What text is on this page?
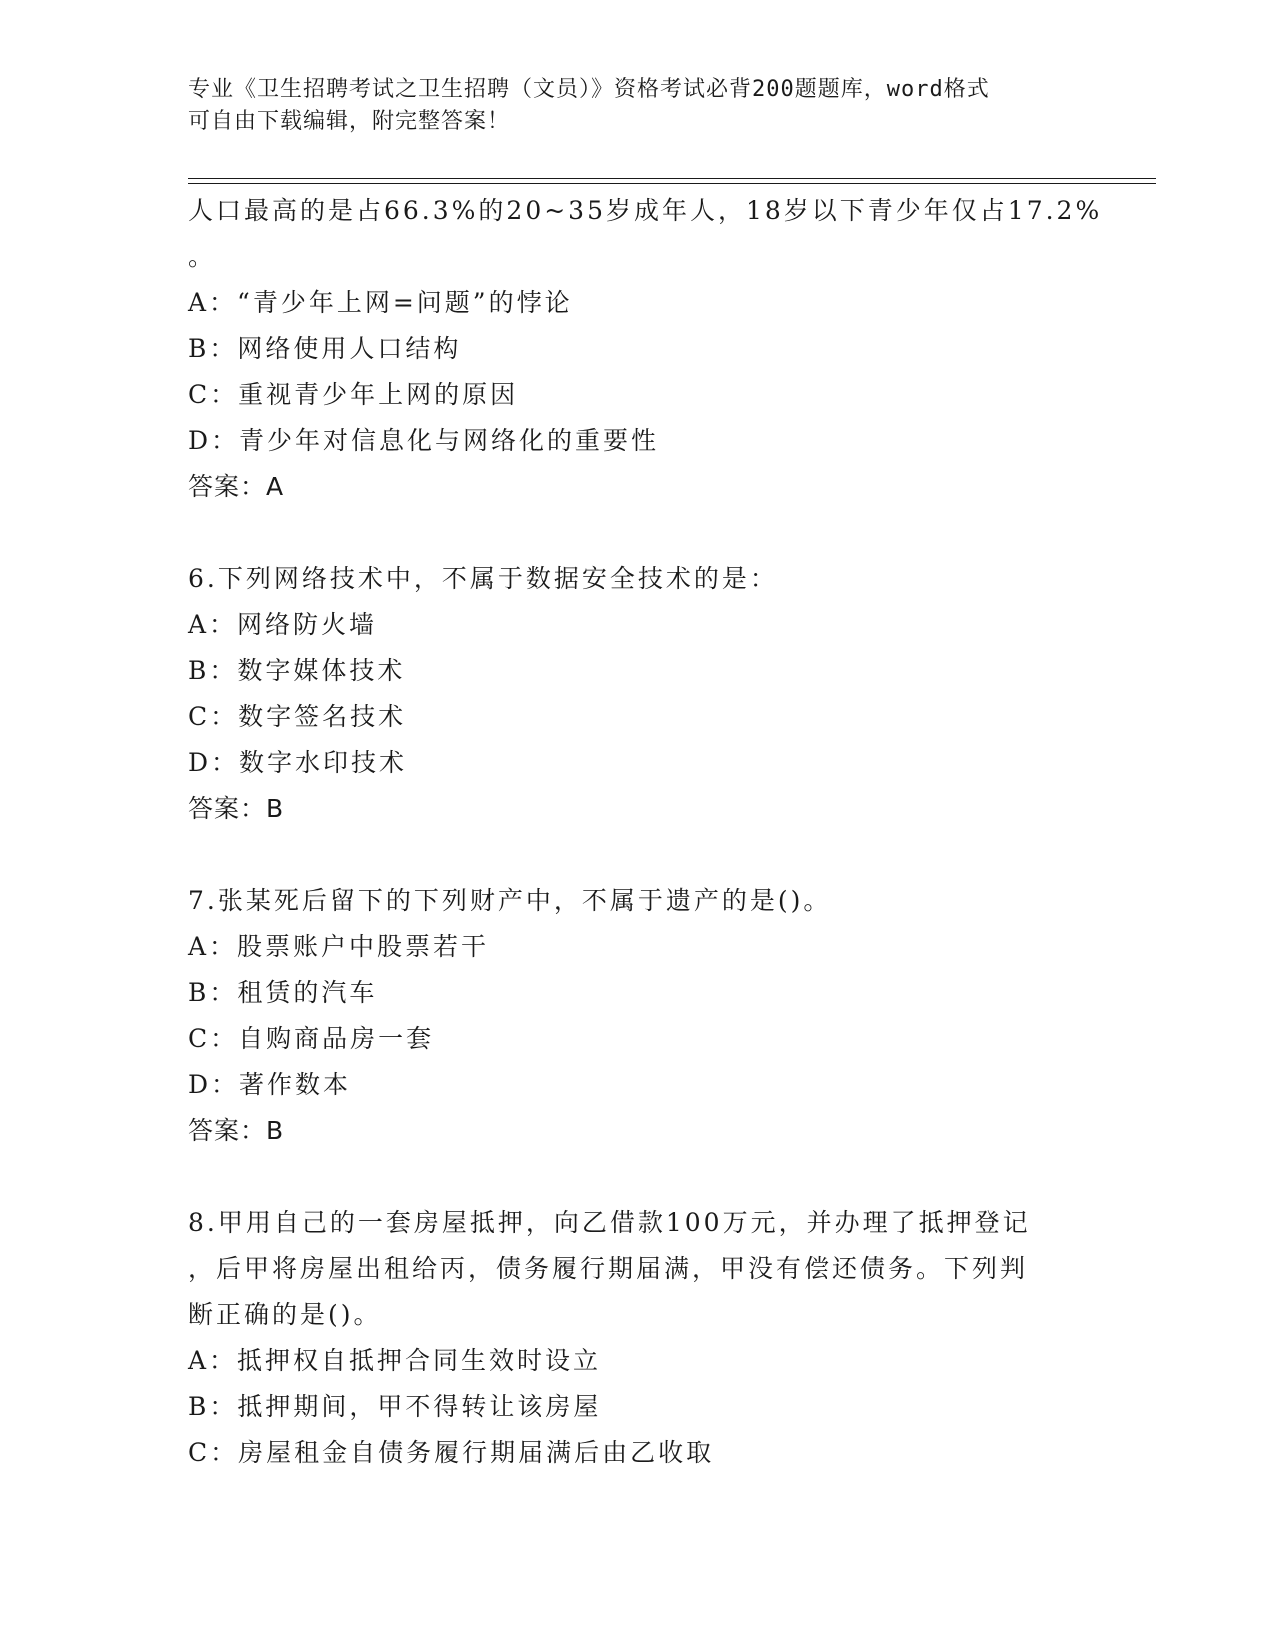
专业《卫生招聘考试之卫生招聘（文员）》资格考试必背200题题库，word格式
可自由下载编辑，附完整答案！
人口最高的是占66.3%的20~35岁成年人，18岁以下青少年仅占17.2%
。
A：“青少年上网=问题”的悖论
B：网络使用人口结构
C：重视青少年上网的原因
D：青少年对信息化与网络化的重要性
答案：A
6.下列网络技术中，不属于数据安全技术的是：
A：网络防火墙
B：数字媒体技术
C：数字签名技术
D：数字水印技术
答案：B
7.张某死后留下的下列财产中，不属于遗产的是()。
A：股票账户中股票若干
B：租赁的汽车
C：自购商品房一套
D：著作数本
答案：B
8.甲用自己的一套房屋抵押，向乙借款100万元，并办理了抵押登记
，后甲将房屋出租给丙，债务履行期届满，甲没有偿还债务。下列判
断正确的是()。
A：抵押权自抵押合同生效时设立
B：抵押期间，甲不得转让该房屋
C：房屋租金自债务履行期届满后由乙收取
